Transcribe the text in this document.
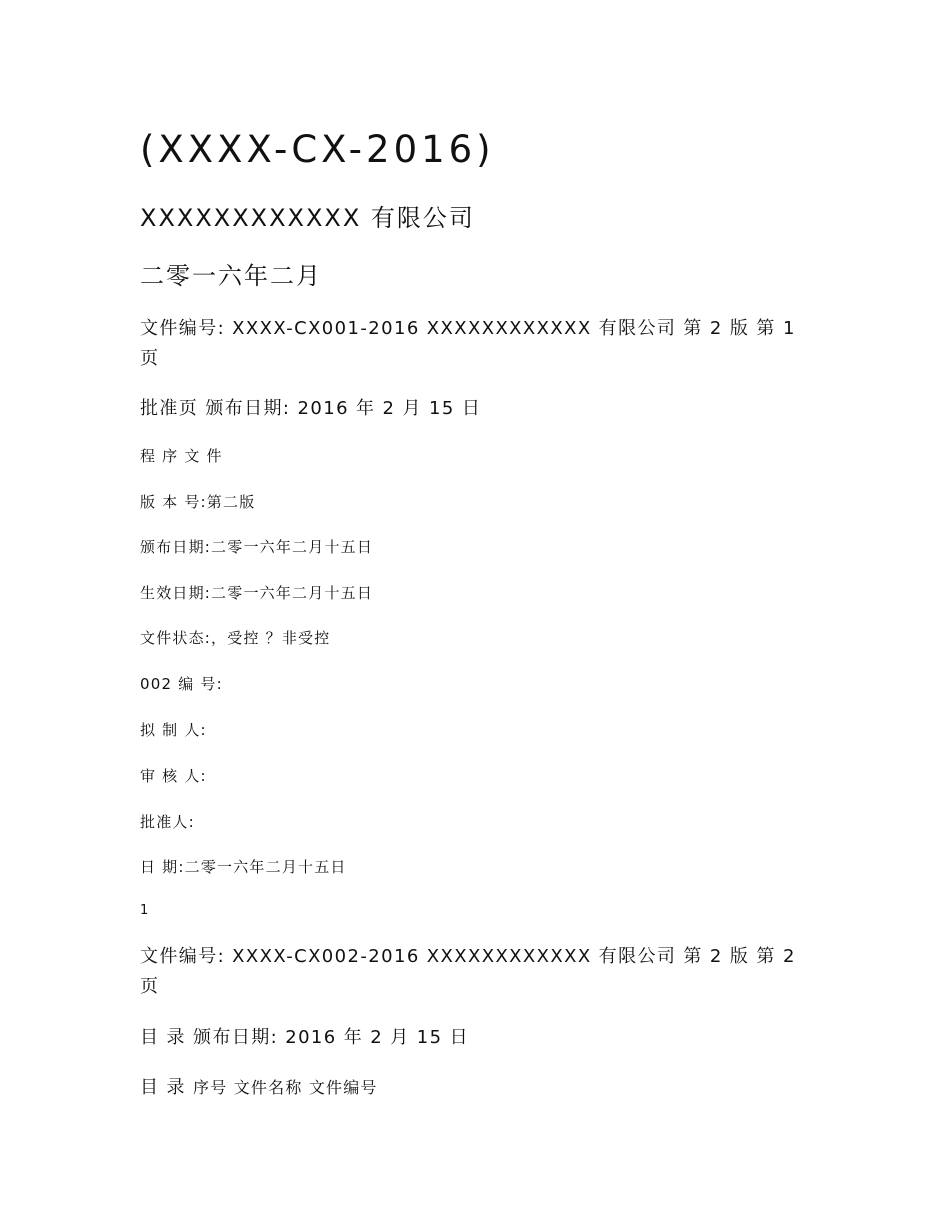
(XXXX-CX-2016)
XXXXXXXXXXXX 有限公司
二零一六年二月
文件编号: XXXX-CX001-2016 XXXXXXXXXXXX 有限公司 第 2 版 第 1 页
批准页 颁布日期: 2016 年 2 月 15 日
程 序 文 件
版 本 号:第二版
颁布日期:二零一六年二月十五日
生效日期:二零一六年二月十五日
文件状态:，受控 ？非受控
002 编 号:
拟 制 人:
审 核 人:
批准人:
日 期:二零一六年二月十五日
1
文件编号: XXXX-CX002-2016 XXXXXXXXXXXX 有限公司 第 2 版 第 2 页
目 录 颁布日期: 2016 年 2 月 15 日
目 录 序号 文件名称 文件编号
